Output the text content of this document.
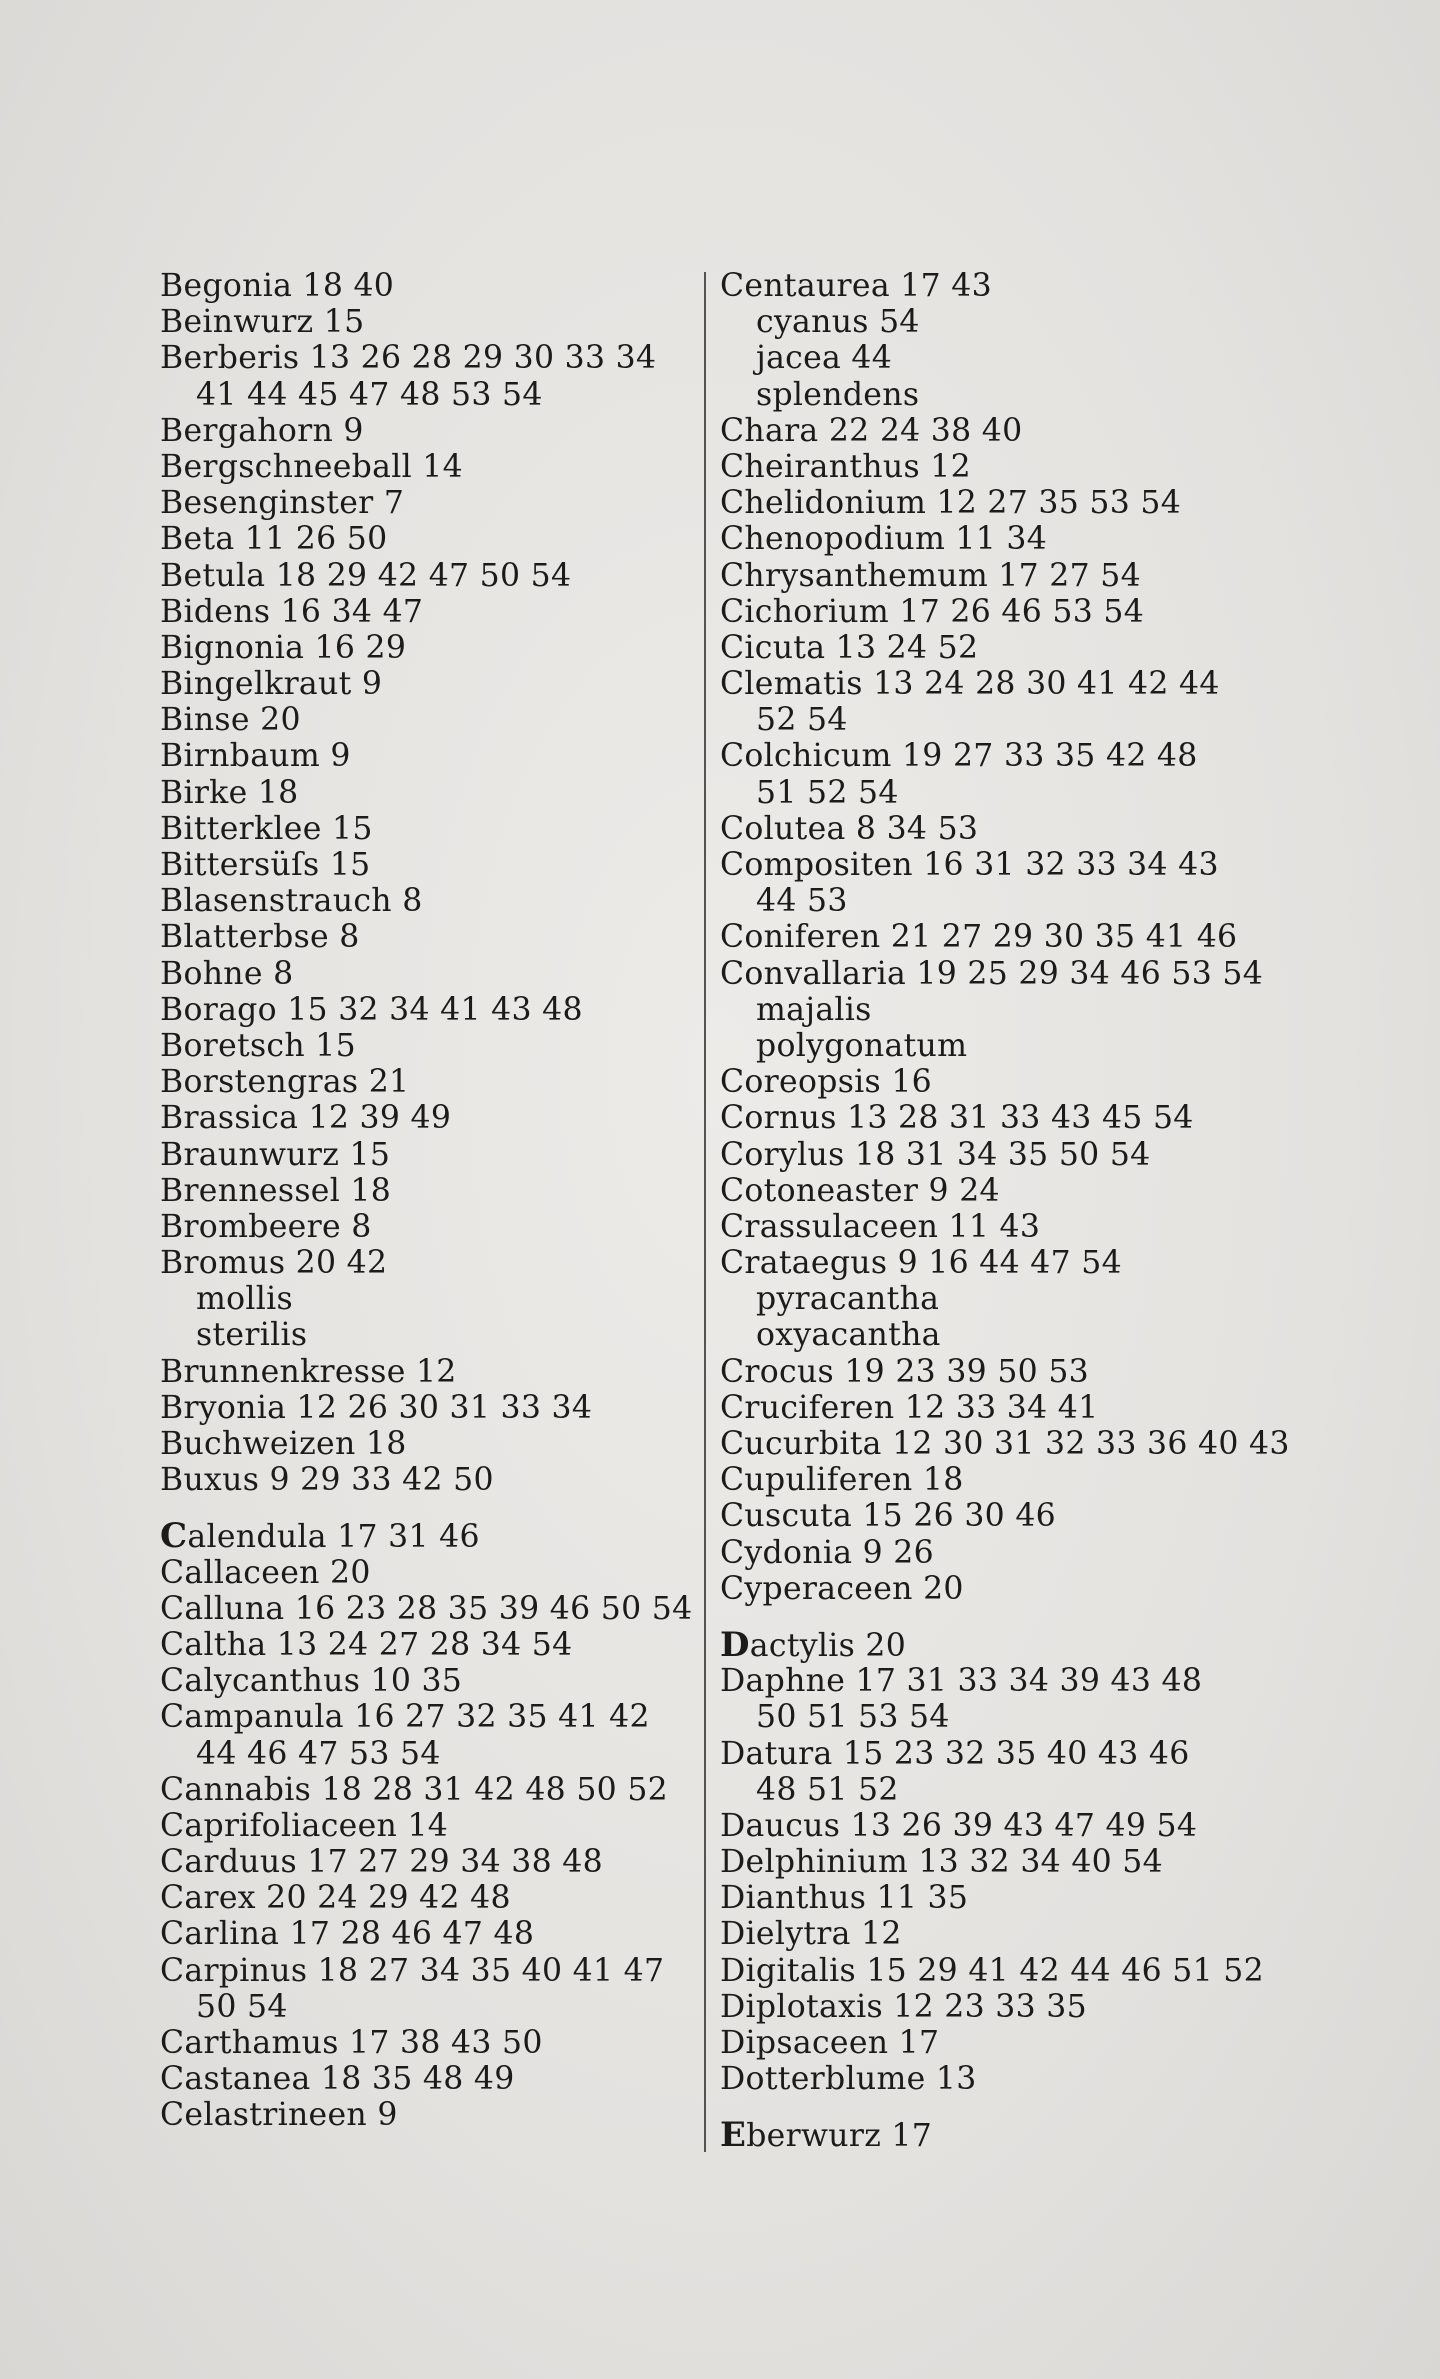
Begonia 18 40
Beinwurz 15
Berberis 13 26 28 29 30 33 34
41 44 45 47 48 53 54
Bergahorn 9
Bergschneeball 14
Besenginster 7
Beta 11 26 50
Betula 18 29 42 47 50 54
Bidens 16 34 47
Bignonia 16 29
Bingelkraut 9
Binse 20
Birnbaum 9
Birke 18
Bitterklee 15
Bittersüſs 15
Blasenstrauch 8
Blatterbse 8
Bohne 8
Borago 15 32 34 41 43 48
Boretsch 15
Borstengras 21
Brassica 12 39 49
Braunwurz 15
Brennessel 18
Brombeere 8
Bromus 20 42
mollis
sterilis
Brunnenkresse 12
Bryonia 12 26 30 31 33 34
Buchweizen 18
Buxus 9 29 33 42 50
Calendula 17 31 46
Callaceen 20
Calluna 16 23 28 35 39 46 50 54
Caltha 13 24 27 28 34 54
Calycanthus 10 35
Campanula 16 27 32 35 41 42
44 46 47 53 54
Cannabis 18 28 31 42 48 50 52
Caprifoliaceen 14
Carduus 17 27 29 34 38 48
Carex 20 24 29 42 48
Carlina 17 28 46 47 48
Carpinus 18 27 34 35 40 41 47
50 54
Carthamus 17 38 43 50
Castanea 18 35 48 49
Celastrineen 9
Centaurea 17 43
cyanus 54
jacea 44
splendens
Chara 22 24 38 40
Cheiranthus 12
Chelidonium 12 27 35 53 54
Chenopodium 11 34
Chrysanthemum 17 27 54
Cichorium 17 26 46 53 54
Cicuta 13 24 52
Clematis 13 24 28 30 41 42 44
52 54
Colchicum 19 27 33 35 42 48
51 52 54
Colutea 8 34 53
Compositen 16 31 32 33 34 43
44 53
Coniferen 21 27 29 30 35 41 46
Convallaria 19 25 29 34 46 53 54
majalis
polygonatum
Coreopsis 16
Cornus 13 28 31 33 43 45 54
Corylus 18 31 34 35 50 54
Cotoneaster 9 24
Crassulaceen 11 43
Crataegus 9 16 44 47 54
pyracantha
oxyacantha
Crocus 19 23 39 50 53
Cruciferen 12 33 34 41
Cucurbita 12 30 31 32 33 36 40 43
Cupuliferen 18
Cuscuta 15 26 30 46
Cydonia 9 26
Cyperaceen 20
Dactylis 20
Daphne 17 31 33 34 39 43 48
50 51 53 54
Datura 15 23 32 35 40 43 46
48 51 52
Daucus 13 26 39 43 47 49 54
Delphinium 13 32 34 40 54
Dianthus 11 35
Dielytra 12
Digitalis 15 29 41 42 44 46 51 52
Diplotaxis 12 23 33 35
Dipsaceen 17
Dotterblume 13
Eberwurz 17
